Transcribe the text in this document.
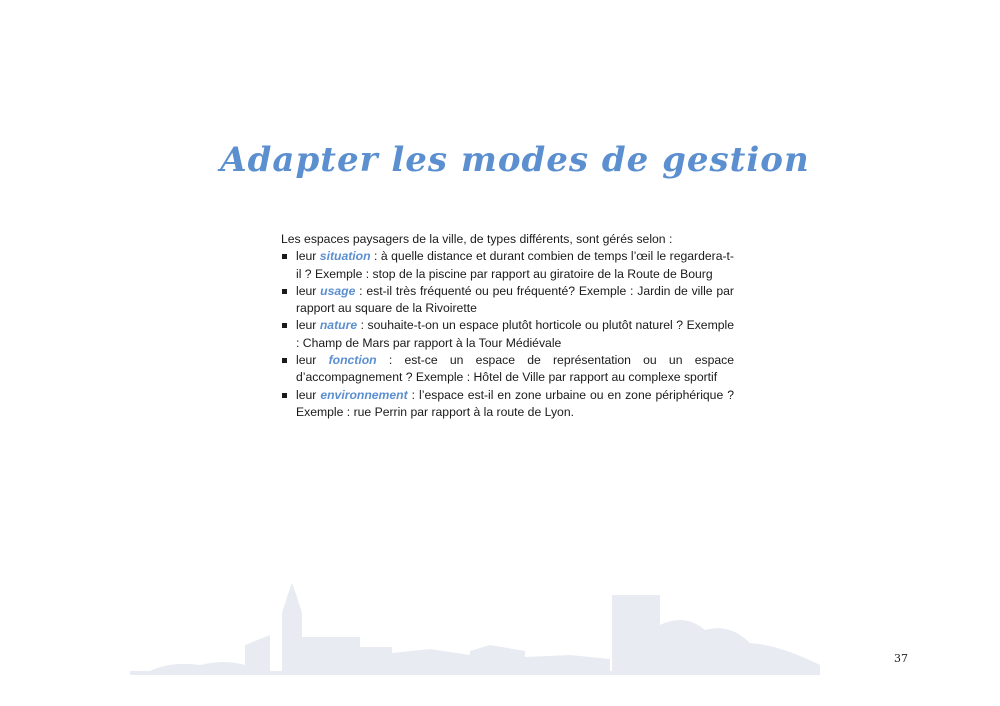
Adapter les modes de gestion

Les espaces paysagers de la ville, de types différents, sont gérés selon :

leur situation : à quelle distance et durant combien de temps l’œil le regardera-t-il ? Exemple : stop de la piscine par rapport au giratoire de la Route de Bourg
leur usage : est-il très fréquenté ou peu fréquenté? Exemple : Jardin de ville par rapport au square de la Rivoirette
leur nature : souhaite-t-on un espace plutôt horticole ou plutôt naturel ? Exemple : Champ de Mars par rapport à la Tour Médiévale
leur fonction : est-ce un espace de représentation ou un espace d’accompagnement ? Exemple : Hôtel de Ville par rapport au complexe sportif
leur environnement : l’espace est-il en zone urbaine ou en zone périphérique ? Exemple : rue Perrin par rapport à la route de Lyon.
37
